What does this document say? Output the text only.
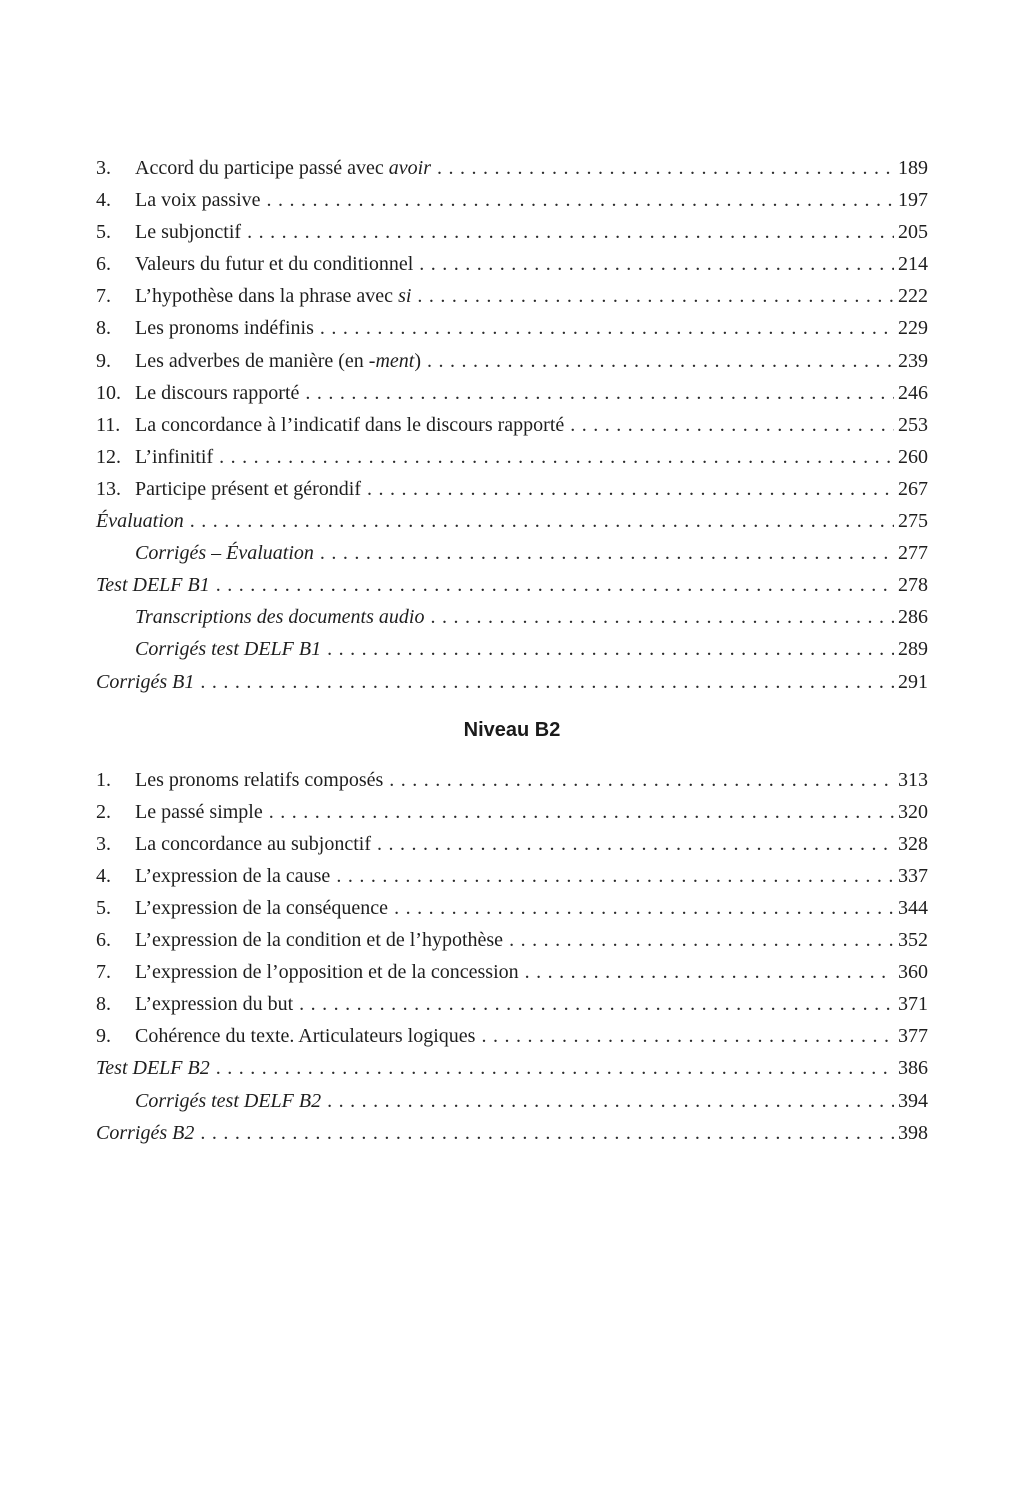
3.	Accord du participe passé avec avoir . . .	189
4.	La voix passive . . .	197
5.	Le subjonctif . . .	205
6.	Valeurs du futur et du conditionnel . . .	214
7.	L’hypothèse dans la phrase avec si . . .	222
8.	Les pronoms indéfinis . . .	229
9.	Les adverbes de manière (en -ment) . . .	239
10. Le discours rapporté . . .	246
11. La concordance à l’indicatif dans le discours rapporté . . .	253
12. L’infinitif . . .	260
13. Participe présent et gérondif . . .	267
Évaluation . . .	275
Corrigés – Évaluation . . .	277
Test DELF B1 . . .	278
Transcriptions des documents audio . . .	286
Corrigés test DELF B1 . . .	289
Corrigés B1 . . .	291
Niveau B2
1.	Les pronoms relatifs composés . . .	313
2.	Le passé simple . . .	320
3.	La concordance au subjonctif . . .	328
4.	L’expression de la cause . . .	337
5.	L’expression de la conséquence . . .	344
6.	L’expression de la condition et de l’hypothèse . . .	352
7.	L’expression de l’opposition et de la concession . . .	360
8.	L’expression du but . . .	371
9.	Cohérence du texte. Articulateurs logiques . . .	377
Test DELF B2 . . .	386
Corrigés test DELF B2 . . .	394
Corrigés B2 . . .	398
